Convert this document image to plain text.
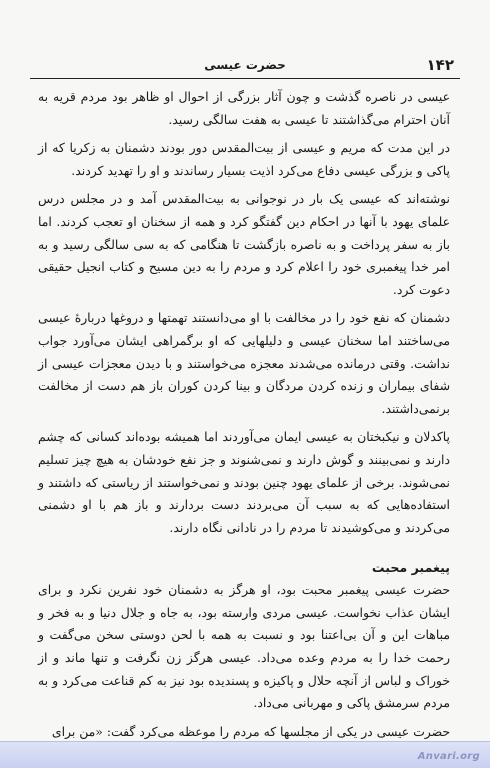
۱۴۲
حضرت عیسی

عیسی در ناصره گذشت و چون آثار بزرگی از احوال او ظاهر بود مردم قریه به آنان احترام می‌گذاشتند تا عیسی به هفت سالگی رسید.

در این مدت که مریم و عیسی از بیت‌المقدس دور بودند دشمنان به زکریا که از پاکی و بزرگی عیسی دفاع می‌کرد اذیت بسیار رساندند و او را تهدید کردند.

نوشته‌اند که عیسی یک بار در نوجوانی به بیت‌المقدس آمد و در مجلس درس علمای یهود با آنها در احکام دین گفتگو کرد و همه از سخنان او تعجب کردند. اما باز به سفر پرداخت و به ناصره بازگشت تا هنگامی که به سی سالگی رسید و به امر خدا پیغمبری خود را اعلام کرد و مردم را به دین مسیح و کتاب انجیل حقیقی دعوت کرد.

دشمنان که نفع خود را در مخالفت با او می‌دانستند تهمتها و دروغها دربارهٔ عیسی می‌ساختند اما سخنان عیسی و دلیلهایی که او برگمراهی ایشان می‌آورد جواب نداشت. وقتی درمانده می‌شدند معجزه می‌خواستند و با دیدن معجزات عیسی از شفای بیماران و زنده کردن مردگان و بینا کردن کوران باز هم دست از مخالفت برنمی‌داشتند.

پاکدلان و نیکبختان به عیسی ایمان می‌آوردند اما همیشه بوده‌اند کسانی که چشم دارند و نمی‌بینند و گوش دارند و نمی‌شنوند و جز نفع خودشان به هیچ چیز تسلیم نمی‌شوند. برخی از علمای یهود چنین بودند و نمی‌خواستند از ریاستی که داشتند و استفاده‌هایی که به سبب آن می‌بردند دست بردارند و باز هم با او دشمنی می‌کردند و می‌کوشیدند تا مردم را در نادانی نگاه دارند.

پیغمبر محبت

حضرت عیسی پیغمبر محبت بود، او هرگز به دشمنان خود نفرین نکرد و برای ایشان عذاب نخواست. عیسی مردی وارسته بود، به جاه و جلال دنیا و به فخر و مباهات این و آن بی‌اعتنا بود و نسبت به همه با لحن دوستی سخن می‌گفت و رحمت خدا را به مردم وعده می‌داد. عیسی هرگز زن نگرفت و تنها ماند و از خوراک و لباس از آنچه حلال و پاکیزه و پسندیده بود نیز به کم قناعت می‌کرد و به مردم سرمشق پاکی و مهربانی می‌داد.

حضرت عیسی در یکی از مجلسها که مردم را موعظه می‌کرد گفت: «من برای

Anvari.org
